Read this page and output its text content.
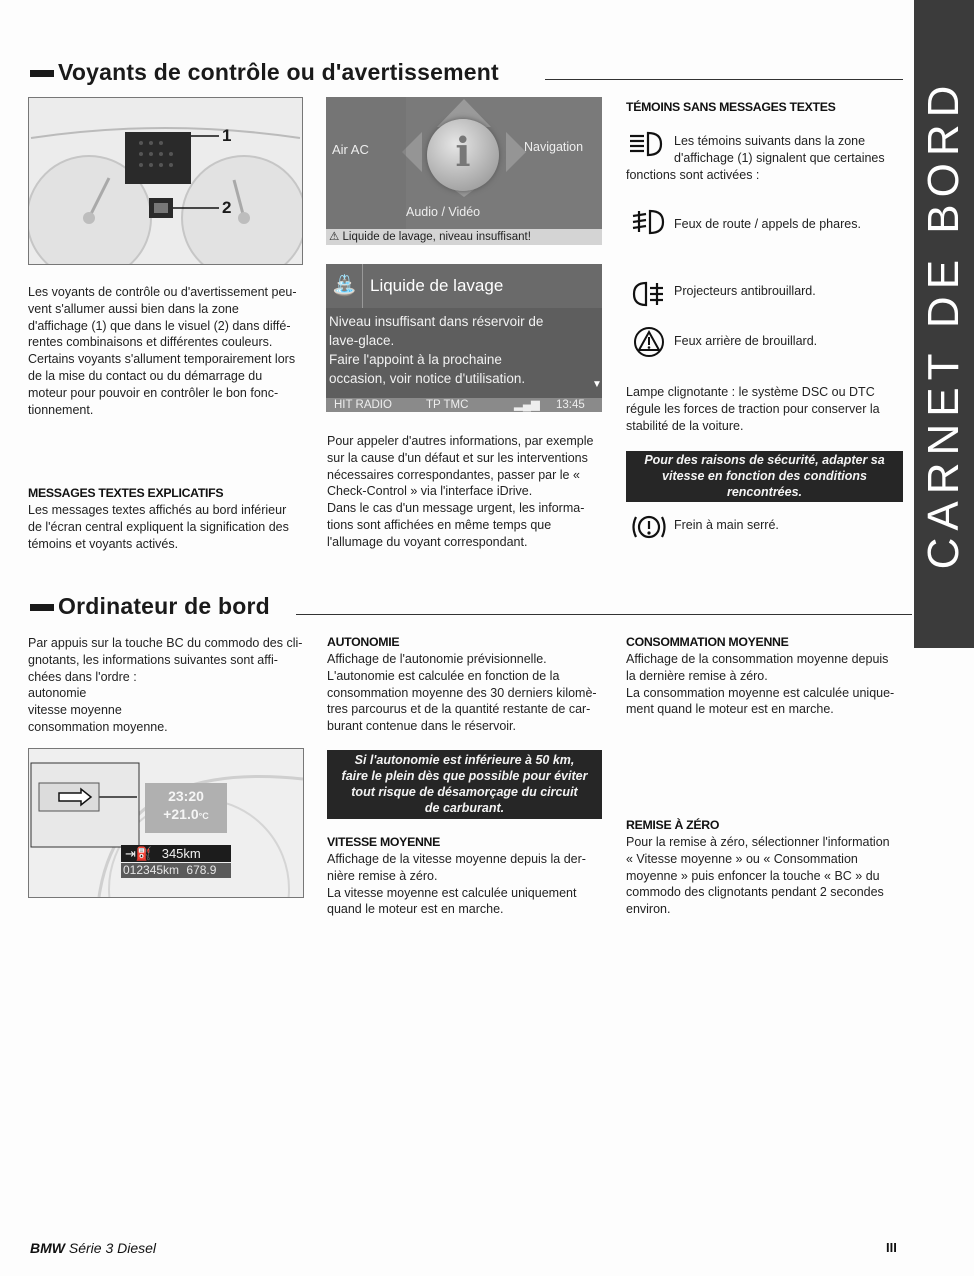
CARNET DE BORD
Voyants de contrôle ou d'avertissement
1
2
Les voyants de contrôle ou d'avertissement peu-
vent s'allumer aussi bien dans la zone
d'affichage (1) que dans le visuel (2) dans diffé-
rentes combinaisons et différentes couleurs.
Certains voyants s'allument temporairement lors
de la mise du contact ou du démarrage du
moteur pour pouvoir en contrôler le bon fonc-
tionnement.
MESSAGES TEXTES EXPLICATIFS
Les messages textes affichés au bord inférieur
de l'écran central expliquent la signification des
témoins et voyants activés.
i
Air AC	Navigation
Audio / Vidéo
⚠ Liquide de lavage, niveau insuffisant!
⛲ Liquide de lavage
Niveau insuffisant dans réservoir de
lave-glace.
Faire l'appoint à la prochaine
occasion, voir notice d'utilisation.	▼
HIT RADIO	TP TMC	▂▄▆ 13:45
Pour appeler d'autres informations, par exemple
sur la cause d'un défaut et sur les interventions
nécessaires correspondantes, passer par le «
Check-Control » via l'interface iDrive.
Dans le cas d'un message urgent, les informa-
tions sont affichées en même temps que
l'allumage du voyant correspondant.
TÉMOINS SANS MESSAGES TEXTES
Les témoins suivants dans la zone
d'affichage (1) signalent que certaines
fonctions sont activées :
Feux de route / appels de phares.
Projecteurs antibrouillard.
Feux arrière de brouillard.
Lampe clignotante : le système DSC ou DTC
régule les forces de traction pour conserver la
stabilité de la voiture.
Pour des raisons de sécurité, adapter sa
vitesse en fonction des conditions rencontrées.
Frein à main serré.
Ordinateur de bord
Par appuis sur la touche BC du commodo des cli-
gnotants, les informations suivantes sont affi-
chées dans l'ordre :
autonomie
vitesse moyenne
consommation moyenne.
23:20
+21.0°C
⇥⛽ 345km
012345km 678.9
AUTONOMIE
Affichage de l'autonomie prévisionnelle.
L'autonomie est calculée en fonction de la
consommation moyenne des 30 derniers kilomè-
tres parcourus et de la quantité restante de car-
burant contenue dans le réservoir.
Si l'autonomie est inférieure à 50 km,
faire le plein dès que possible pour éviter
tout risque de désamorçage du circuit
de carburant.
VITESSE MOYENNE
Affichage de la vitesse moyenne depuis la der-
nière remise à zéro.
La vitesse moyenne est calculée uniquement
quand le moteur est en marche.
CONSOMMATION MOYENNE
Affichage de la consommation moyenne depuis
la dernière remise à zéro.
La consommation moyenne est calculée unique-
ment quand le moteur est en marche.
REMISE À ZÉRO
Pour la remise à zéro, sélectionner l'information
« Vitesse moyenne » ou « Consommation
moyenne » puis enfoncer la touche « BC » du
commodo des clignotants pendant 2 secondes
environ.
BMW Série 3 Diesel	III
